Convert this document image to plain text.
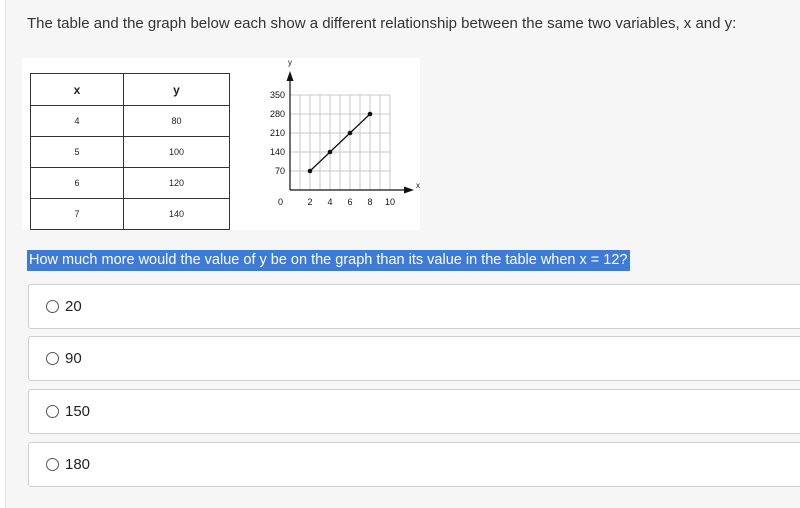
The table and the graph below each show a different relationship between the same two variables, x and y:
x	y
4	80
5	100
6	120
7	140
x
y
0	2 4 6 8 10
70
140
210
280
350
How much more would the value of y be on the graph than its value in the table when x = 12?
20
90
150
180
